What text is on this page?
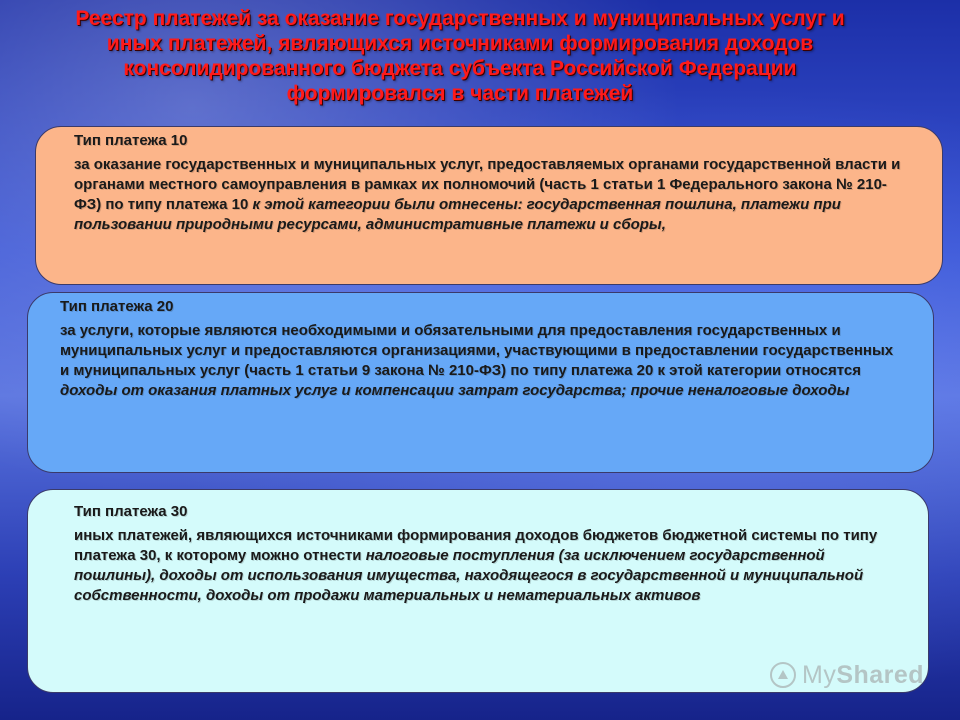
Реестр платежей за оказание государственных и муниципальных услуг и
иных платежей, являющихся источниками формирования доходов
консолидированного бюджета субъекта Российской Федерации
формировался в части платежей
Тип платежа 10

за оказание государственных и муниципальных услуг, предоставляемых органами государственной власти и органами местного самоуправления в рамках их полномочий (часть 1 статьи 1 Федерального закона № 210-ФЗ) по типу платежа 10 к этой категории были отнесены: государственная пошлина, платежи при пользовании природными ресурсами, административные платежи и сборы,

Тип платежа 20

за услуги, которые являются необходимыми и обязательными для предоставления государственных и муниципальных услуг и предоставляются организациями, участвующими в предоставлении государственных и муниципальных услуг (часть 1 статьи 9 закона № 210-ФЗ) по типу платежа 20 к этой категории относятся доходы от оказания платных услуг и компенсации затрат государства; прочие неналоговые доходы

Тип платежа 30

иных платежей, являющихся источниками формирования доходов бюджетов бюджетной системы по типу платежа 30, к которому можно отнести налоговые поступления (за исключением государственной пошлины), доходы от использования имущества, находящегося в государственной и муниципальной собственности, доходы от продажи материальных и нематериальных активов

MyShared
